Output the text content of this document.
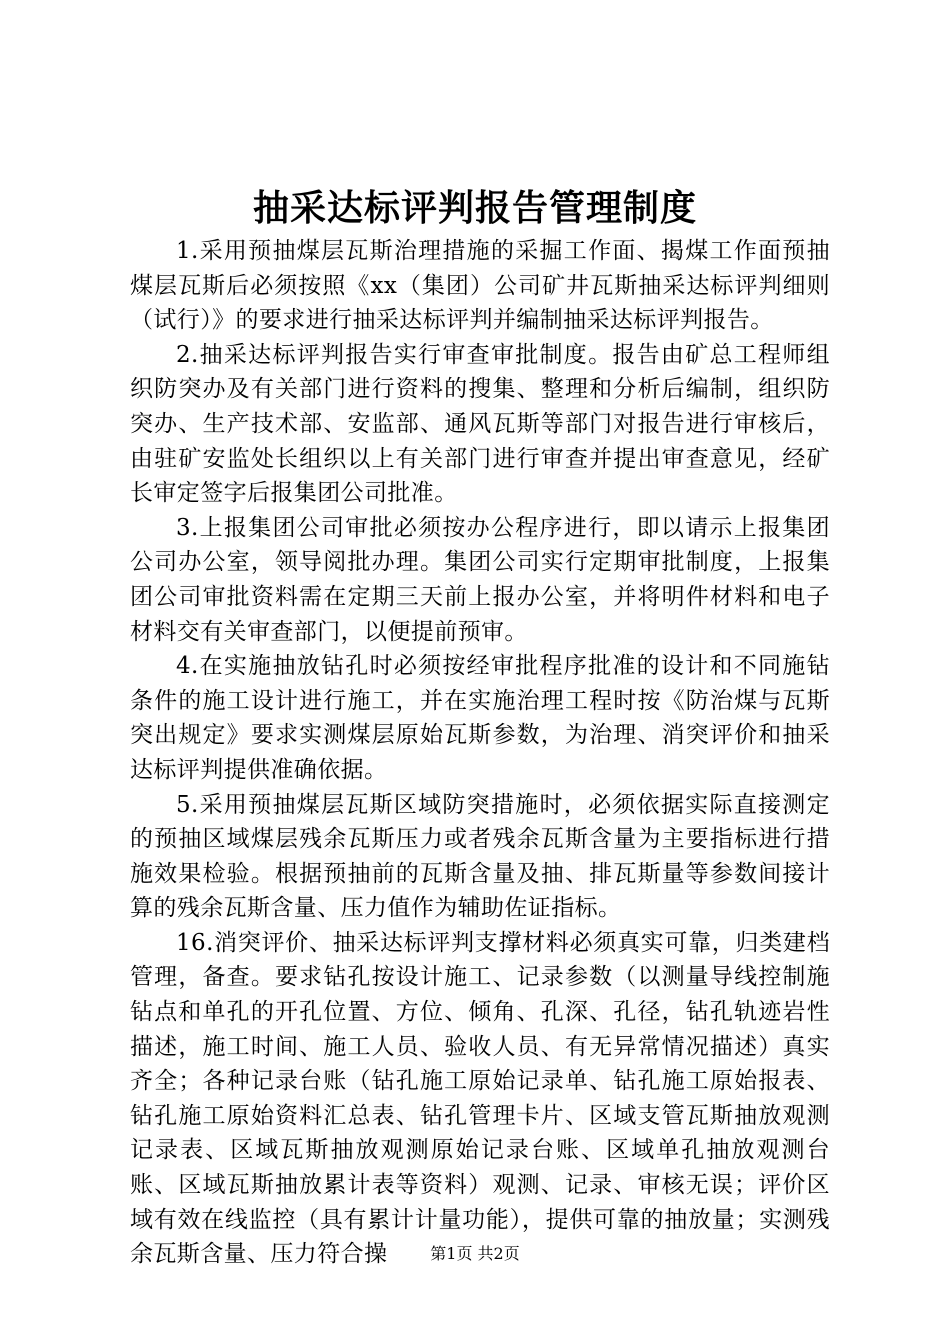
抽采达标评判报告管理制度

1.采用预抽煤层瓦斯治理措施的采掘工作面、揭煤工作面预抽煤层瓦斯后必须按照《xx（集团）公司矿井瓦斯抽采达标评判细则（试行）》的要求进行抽采达标评判并编制抽采达标评判报告。

2.抽采达标评判报告实行审查审批制度。报告由矿总工程师组织防突办及有关部门进行资料的搜集、整理和分析后编制，组织防突办、生产技术部、安监部、通风瓦斯等部门对报告进行审核后，由驻矿安监处长组织以上有关部门进行审查并提出审查意见，经矿长审定签字后报集团公司批准。

3.上报集团公司审批必须按办公程序进行，即以请示上报集团公司办公室，领导阅批办理。集团公司实行定期审批制度，上报集团公司审批资料需在定期三天前上报办公室，并将明件材料和电子材料交有关审查部门，以便提前预审。

4.在实施抽放钻孔时必须按经审批程序批准的设计和不同施钻条件的施工设计进行施工，并在实施治理工程时按《防治煤与瓦斯突出规定》要求实测煤层原始瓦斯参数，为治理、消突评价和抽采达标评判提供准确依据。

5.采用预抽煤层瓦斯区域防突措施时，必须依据实际直接测定的预抽区域煤层残余瓦斯压力或者残余瓦斯含量为主要指标进行措施效果检验。根据预抽前的瓦斯含量及抽、排瓦斯量等参数间接计算的残余瓦斯含量、压力值作为辅助佐证指标。

16.消突评价、抽采达标评判支撑材料必须真实可靠，归类建档管理，备查。要求钻孔按设计施工、记录参数（以测量导线控制施钻点和单孔的开孔位置、方位、倾角、孔深、孔径，钻孔轨迹岩性描述，施工时间、施工人员、验收人员、有无异常情况描述）真实齐全；各种记录台账（钻孔施工原始记录单、钻孔施工原始报表、钻孔施工原始资料汇总表、钻孔管理卡片、区域支管瓦斯抽放观测记录表、区域瓦斯抽放观测原始记录台账、区域单孔抽放观测台账、区域瓦斯抽放累计表等资料）观测、记录、审核无误；评价区域有效在线监控（具有累计计量功能），提供可靠的抽放量；实测残余瓦斯含量、压力符合操	第1页 共2页
